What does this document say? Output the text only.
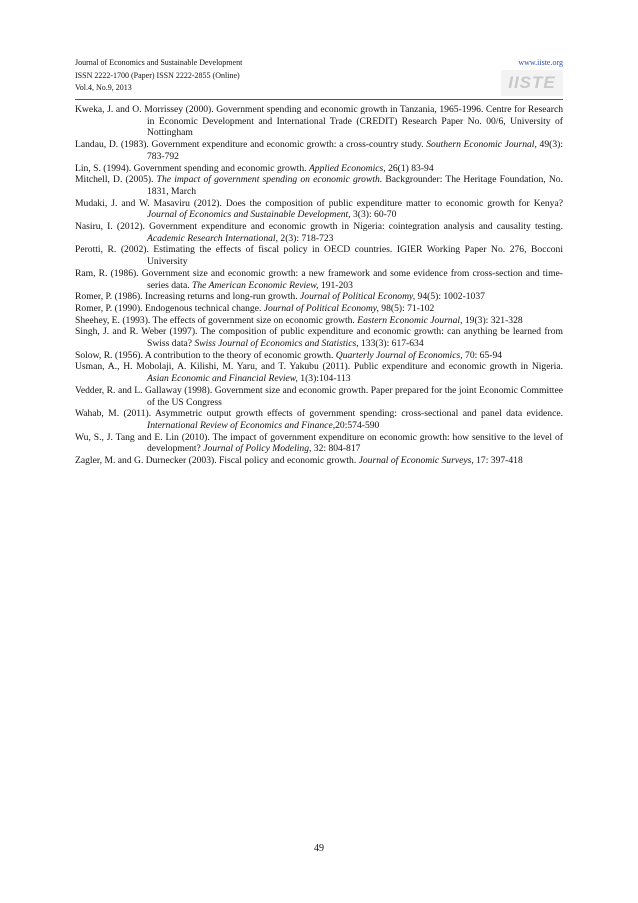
Journal of Economics and Sustainable Development	www.iiste.org
ISSN 2222-1700 (Paper) ISSN 2222-2855 (Online)
Vol.4, No.9, 2013	IISTE
Kweka, J. and O. Morrissey (2000). Government spending and economic growth in Tanzania, 1965-1996. Centre for Research in Economic Development and International Trade (CREDIT) Research Paper No. 00/6, University of Nottingham
Landau, D. (1983). Government expenditure and economic growth: a cross-country study. Southern Economic Journal, 49(3): 783-792
Lin, S. (1994). Government spending and economic growth. Applied Economics, 26(1) 83-94
Mitchell, D. (2005). The impact of government spending on economic growth. Backgrounder: The Heritage Foundation, No. 1831, March
Mudaki, J. and W. Masaviru (2012). Does the composition of public expenditure matter to economic growth for Kenya? Journal of Economics and Sustainable Development, 3(3): 60-70
Nasiru, I. (2012). Government expenditure and economic growth in Nigeria: cointegration analysis and causality testing. Academic Research International, 2(3): 718-723
Perotti, R. (2002). Estimating the effects of fiscal policy in OECD countries. IGIER Working Paper No. 276, Bocconi University
Ram, R. (1986). Government size and economic growth: a new framework and some evidence from cross-section and time-series data. The American Economic Review, 191-203
Romer, P. (1986). Increasing returns and long-run growth. Journal of Political Economy, 94(5): 1002-1037
Romer, P. (1990). Endogenous technical change. Journal of Political Economy, 98(5): 71-102
Sheehey, E. (1993). The effects of government size on economic growth. Eastern Economic Journal, 19(3): 321-328
Singh, J. and R. Weber (1997). The composition of public expenditure and economic growth: can anything be learned from Swiss data? Swiss Journal of Economics and Statistics, 133(3): 617-634
Solow, R. (1956). A contribution to the theory of economic growth. Quarterly Journal of Economics, 70: 65-94
Usman, A., H. Mobolaji, A. Kilishi, M. Yaru, and T. Yakubu (2011). Public expenditure and economic growth in Nigeria. Asian Economic and Financial Review, 1(3):104-113
Vedder, R. and L. Gallaway (1998). Government size and economic growth. Paper prepared for the joint Economic Committee of the US Congress
Wahab, M. (2011). Asymmetric output growth effects of government spending: cross-sectional and panel data evidence. International Review of Economics and Finance,20:574-590
Wu, S., J. Tang and E. Lin (2010). The impact of government expenditure on economic growth: how sensitive to the level of development? Journal of Policy Modeling, 32: 804-817
Zagler, M. and G. Durnecker (2003). Fiscal policy and economic growth. Journal of Economic Surveys, 17: 397-418
49
